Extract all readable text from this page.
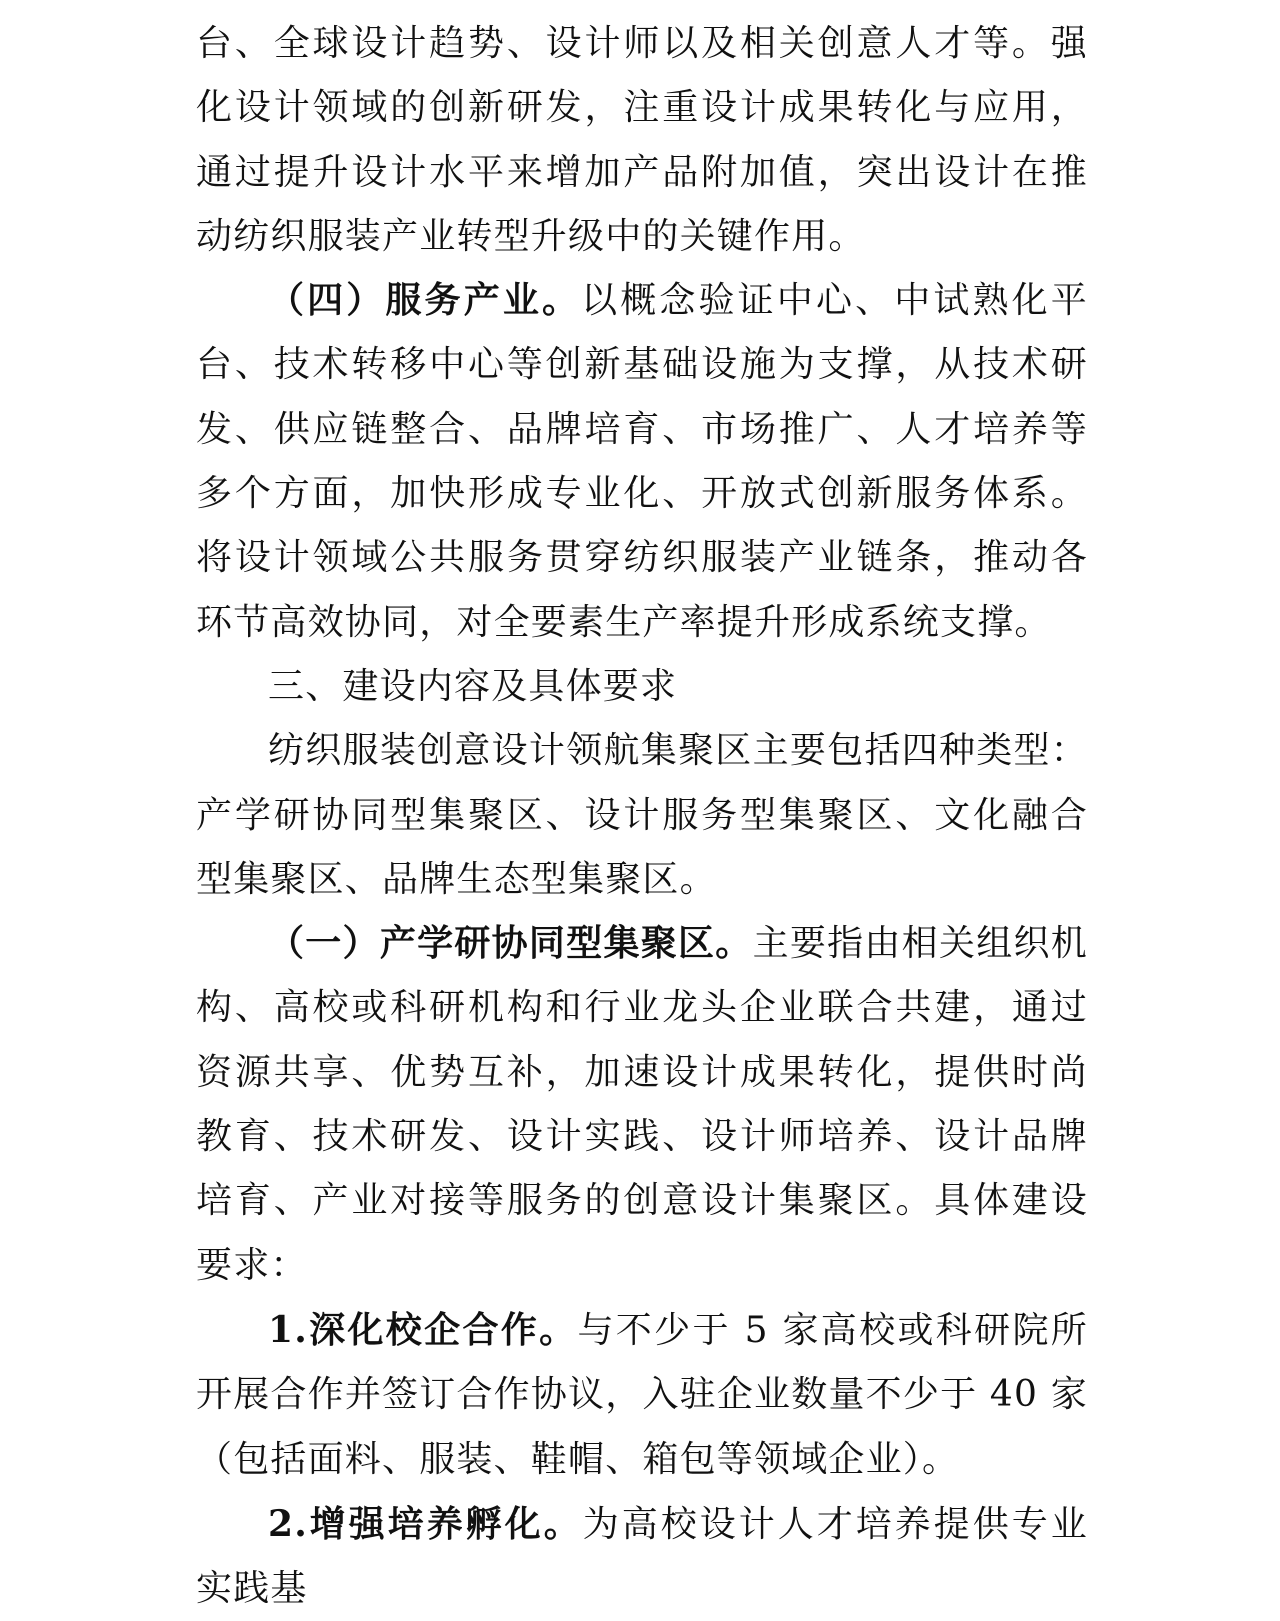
台、全球设计趋势、设计师以及相关创意人才等。强化设计领域的创新研发，注重设计成果转化与应用，通过提升设计水平来增加产品附加值，突出设计在推动纺织服装产业转型升级中的关键作用。

（四）服务产业。以概念验证中心、中试熟化平台、技术转移中心等创新基础设施为支撑，从技术研发、供应链整合、品牌培育、市场推广、人才培养等多个方面，加快形成专业化、开放式创新服务体系。将设计领域公共服务贯穿纺织服装产业链条，推动各环节高效协同，对全要素生产率提升形成系统支撑。

三、建设内容及具体要求

纺织服装创意设计领航集聚区主要包括四种类型：产学研协同型集聚区、设计服务型集聚区、文化融合型集聚区、品牌生态型集聚区。

（一）产学研协同型集聚区。主要指由相关组织机构、高校或科研机构和行业龙头企业联合共建，通过资源共享、优势互补，加速设计成果转化，提供时尚教育、技术研发、设计实践、设计师培养、设计品牌培育、产业对接等服务的创意设计集聚区。具体建设要求：

1.深化校企合作。与不少于 5 家高校或科研院所开展合作并签订合作协议，入驻企业数量不少于 40 家（包括面料、服装、鞋帽、箱包等领域企业）。

2.增强培养孵化。为高校设计人才培养提供专业实践基
